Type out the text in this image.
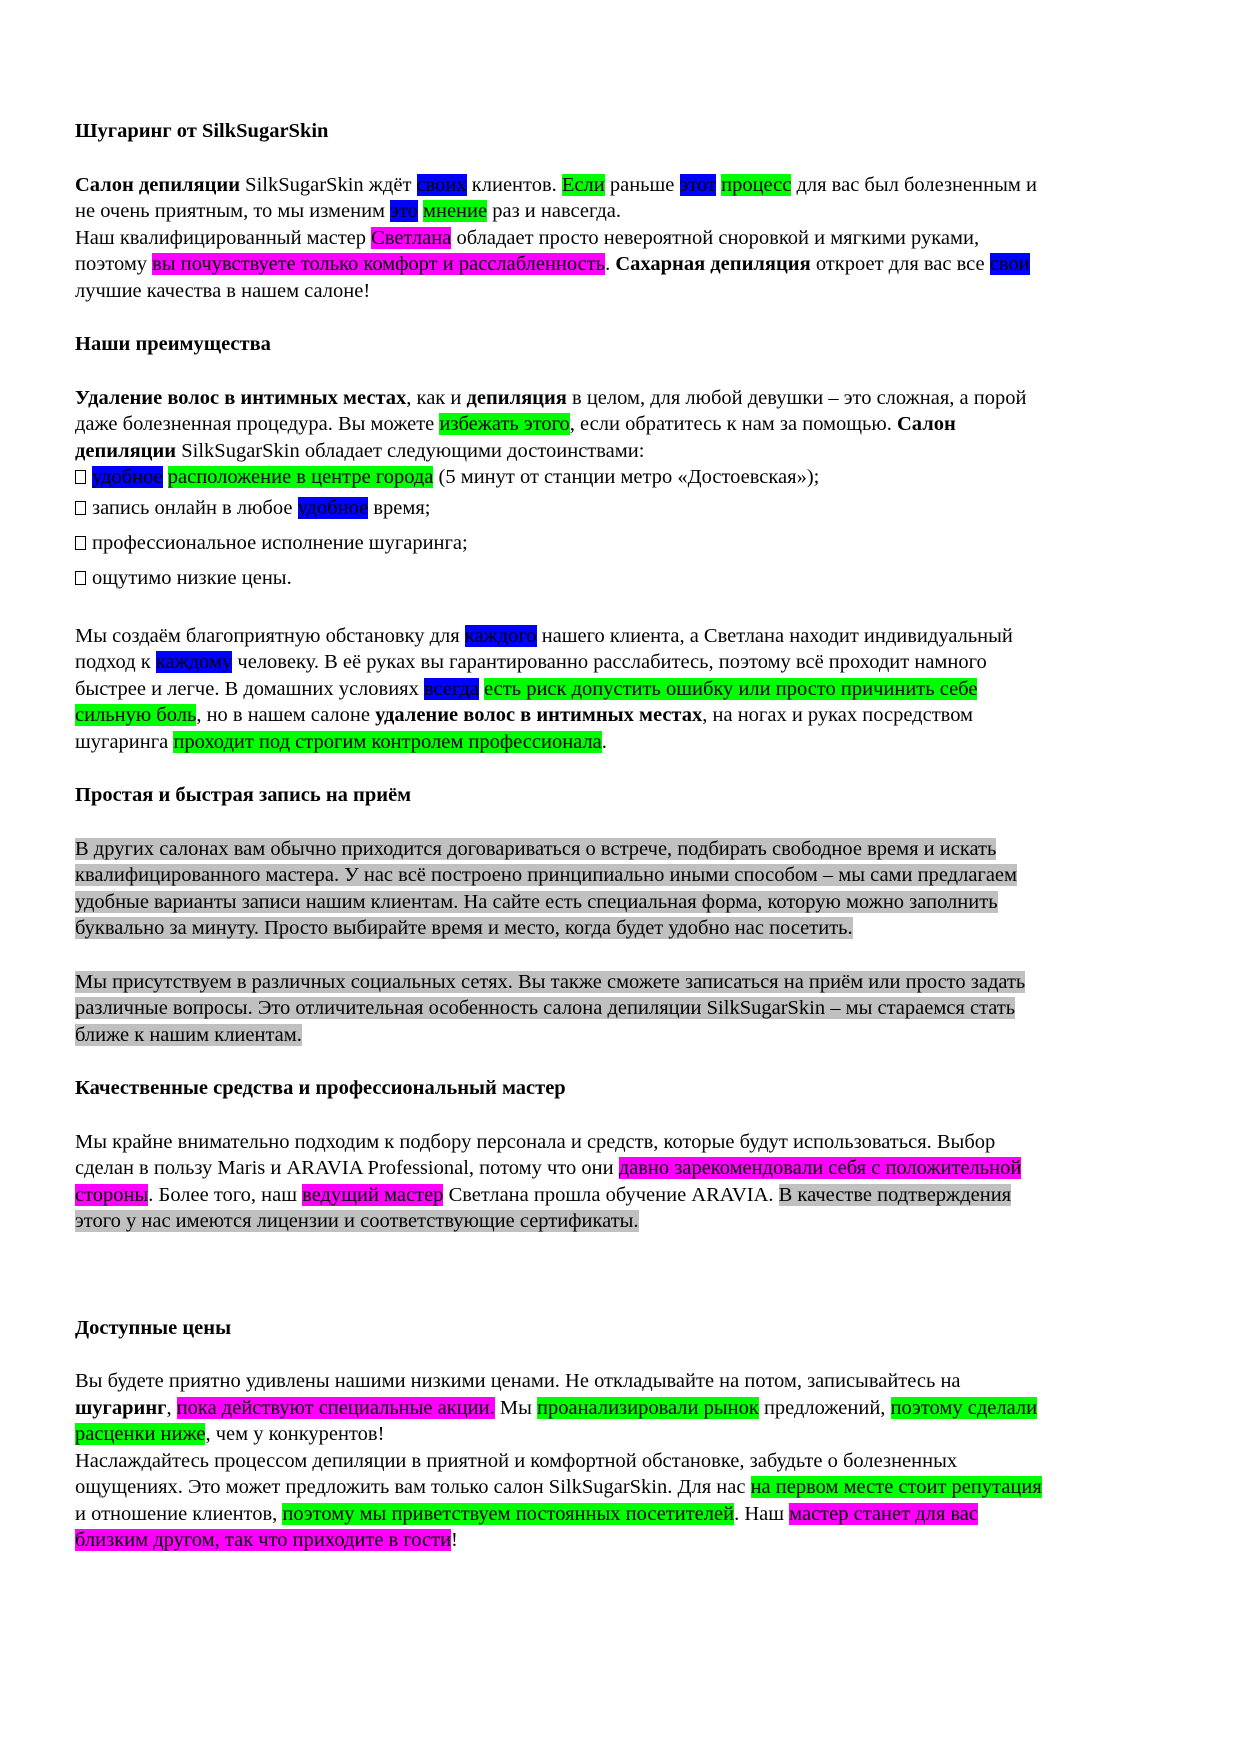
Шугаринг от SilkSugarSkin

Салон депиляции SilkSugarSkin ждёт своих клиентов. Если раньше этот процесс для вас был болезненным и
не очень приятным, то мы изменим это мнение раз и навсегда.
Наш квалифицированный мастер Светлана обладает просто невероятной сноровкой и мягкими руками,
поэтому вы почувствуете только комфорт и расслабленность. Сахарная депиляция откроет для вас все свои
лучшие качества в нашем салоне!

Наши преимущества

Удаление волос в интимных местах, как и депиляция в целом, для любой девушки – это сложная, а порой
даже болезненная процедура. Вы можете избежать этого, если обратитесь к нам за помощью. Салон
депиляции SilkSugarSkin обладает следующими достоинствами:

удобное расположение в центре города (5 минут от станции метро «Достоевская»);
запись онлайн в любое удобное время;
профессиональное исполнение шугаринга;
ощутимо низкие цены.

Мы создаём благоприятную обстановку для каждого нашего клиента, а Светлана находит индивидуальный
подход к каждому человеку. В её руках вы гарантированно расслабитесь, поэтому всё проходит намного
быстрее и легче. В домашних условиях всегда есть риск допустить ошибку или просто причинить себе
сильную боль, но в нашем салоне удаление волос в интимных местах, на ногах и руках посредством
шугаринга проходит под строгим контролем профессионала.

Простая и быстрая запись на приём

В других салонах вам обычно приходится договариваться о встрече, подбирать свободное время и искать
квалифицированного мастера. У нас всё построено принципиально иными способом – мы сами предлагаем
удобные варианты записи нашим клиентам. На сайте есть специальная форма, которую можно заполнить
буквально за минуту. Просто выбирайте время и место, когда будет удобно нас посетить.

Мы присутствуем в различных социальных сетях. Вы также сможете записаться на приём или просто задать
различные вопросы. Это отличительная особенность салона депиляции SilkSugarSkin – мы стараемся стать
ближе к нашим клиентам.

Качественные средства и профессиональный мастер

Мы крайне внимательно подходим к подбору персонала и средств, которые будут использоваться. Выбор
сделан в пользу Maris и ARAVIA Professional, потому что они давно зарекомендовали себя с положительной
стороны. Более того, наш ведущий мастер Светлана прошла обучение ARAVIA. В качестве подтверждения
этого у нас имеются лицензии и соответствующие сертификаты.

Доступные цены

Вы будете приятно удивлены нашими низкими ценами. Не откладывайте на потом, записывайтесь на
шугаринг, пока действуют специальные акции. Мы проанализировали рынок предложений, поэтому сделали
расценки ниже, чем у конкурентов!
Наслаждайтесь процессом депиляции в приятной и комфортной обстановке, забудьте о болезненных
ощущениях. Это может предложить вам только салон SilkSugarSkin. Для нас на первом месте стоит репутация
и отношение клиентов, поэтому мы приветствуем постоянных посетителей. Наш мастер станет для вас
близким другом, так что приходите в гости!
